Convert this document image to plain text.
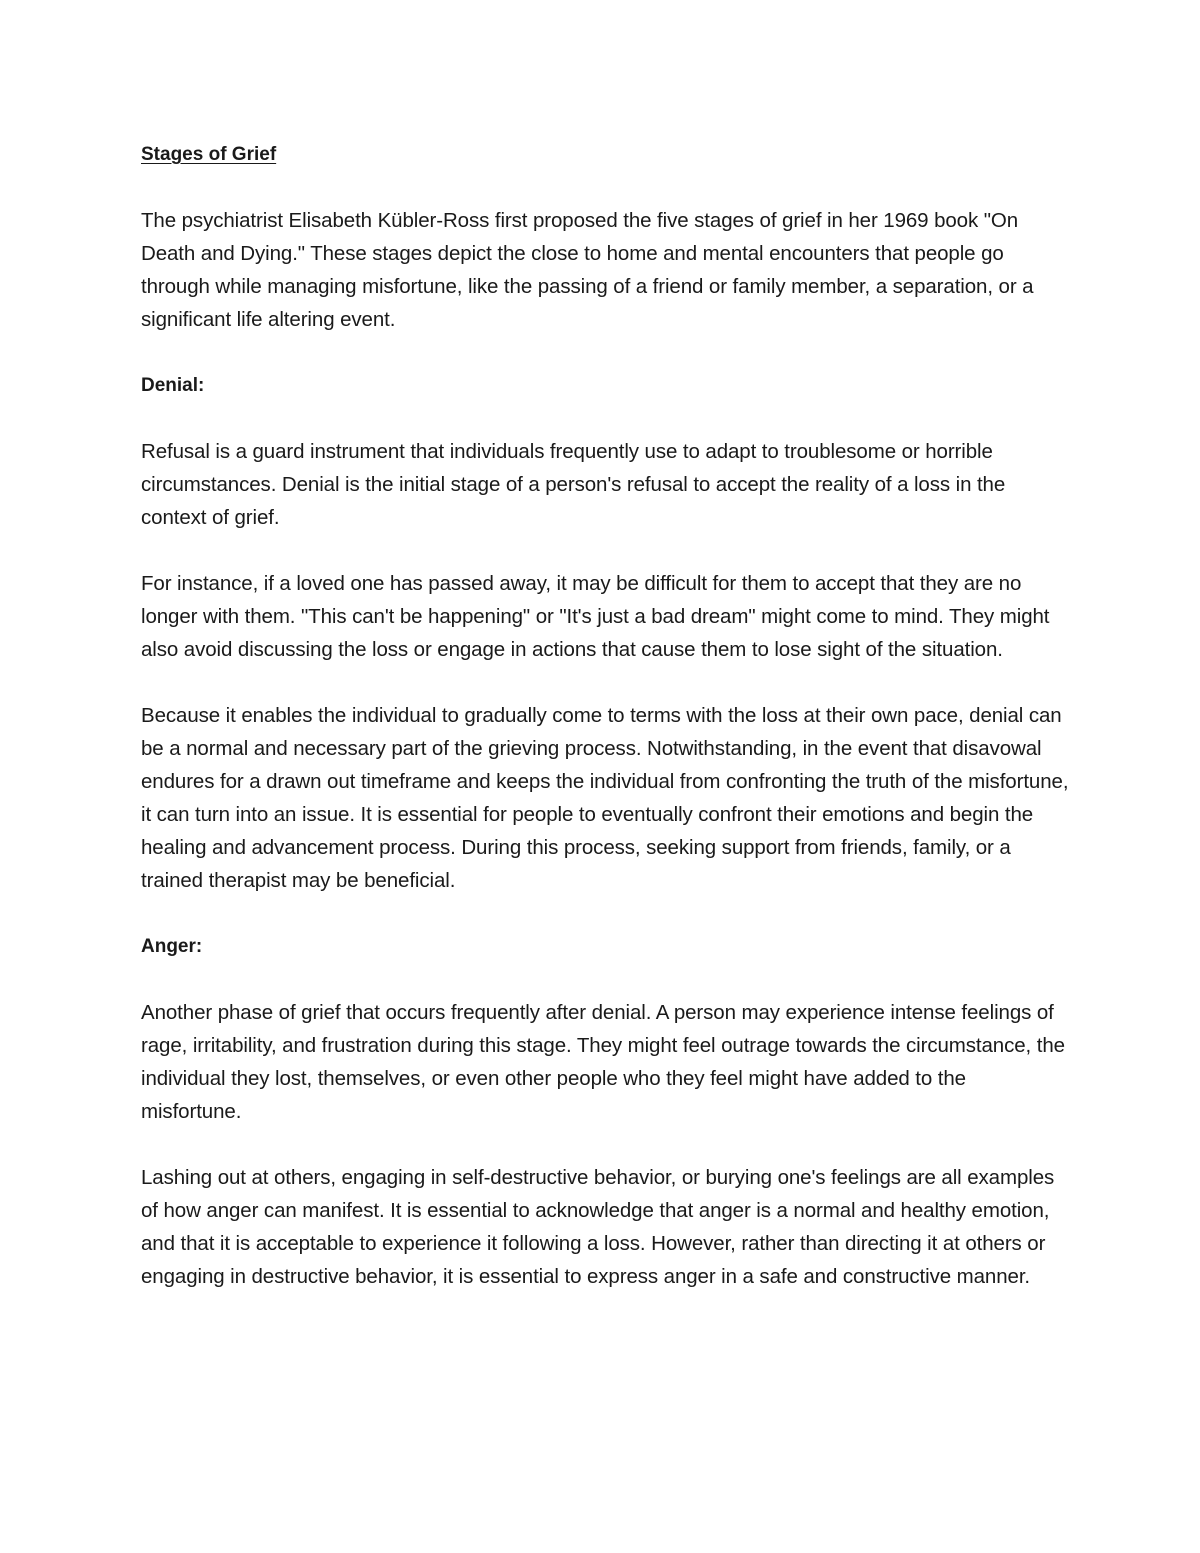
Stages of Grief

The psychiatrist Elisabeth Kübler-Ross first proposed the five stages of grief in her 1969 book "On Death and Dying." These stages depict the close to home and mental encounters that people go through while managing misfortune, like the passing of a friend or family member, a separation, or a significant life altering event.

Denial:

Refusal is a guard instrument that individuals frequently use to adapt to troublesome or horrible circumstances. Denial is the initial stage of a person's refusal to accept the reality of a loss in the context of grief.

For instance, if a loved one has passed away, it may be difficult for them to accept that they are no longer with them. "This can't be happening" or "It's just a bad dream" might come to mind. They might also avoid discussing the loss or engage in actions that cause them to lose sight of the situation.

Because it enables the individual to gradually come to terms with the loss at their own pace, denial can be a normal and necessary part of the grieving process. Notwithstanding, in the event that disavowal endures for a drawn out timeframe and keeps the individual from confronting the truth of the misfortune, it can turn into an issue. It is essential for people to eventually confront their emotions and begin the healing and advancement process. During this process, seeking support from friends, family, or a trained therapist may be beneficial.

Anger:

Another phase of grief that occurs frequently after denial. A person may experience intense feelings of rage, irritability, and frustration during this stage. They might feel outrage towards the circumstance, the individual they lost, themselves, or even other people who they feel might have added to the misfortune.

Lashing out at others, engaging in self-destructive behavior, or burying one's feelings are all examples of how anger can manifest. It is essential to acknowledge that anger is a normal and healthy emotion, and that it is acceptable to experience it following a loss. However, rather than directing it at others or engaging in destructive behavior, it is essential to express anger in a safe and constructive manner.
